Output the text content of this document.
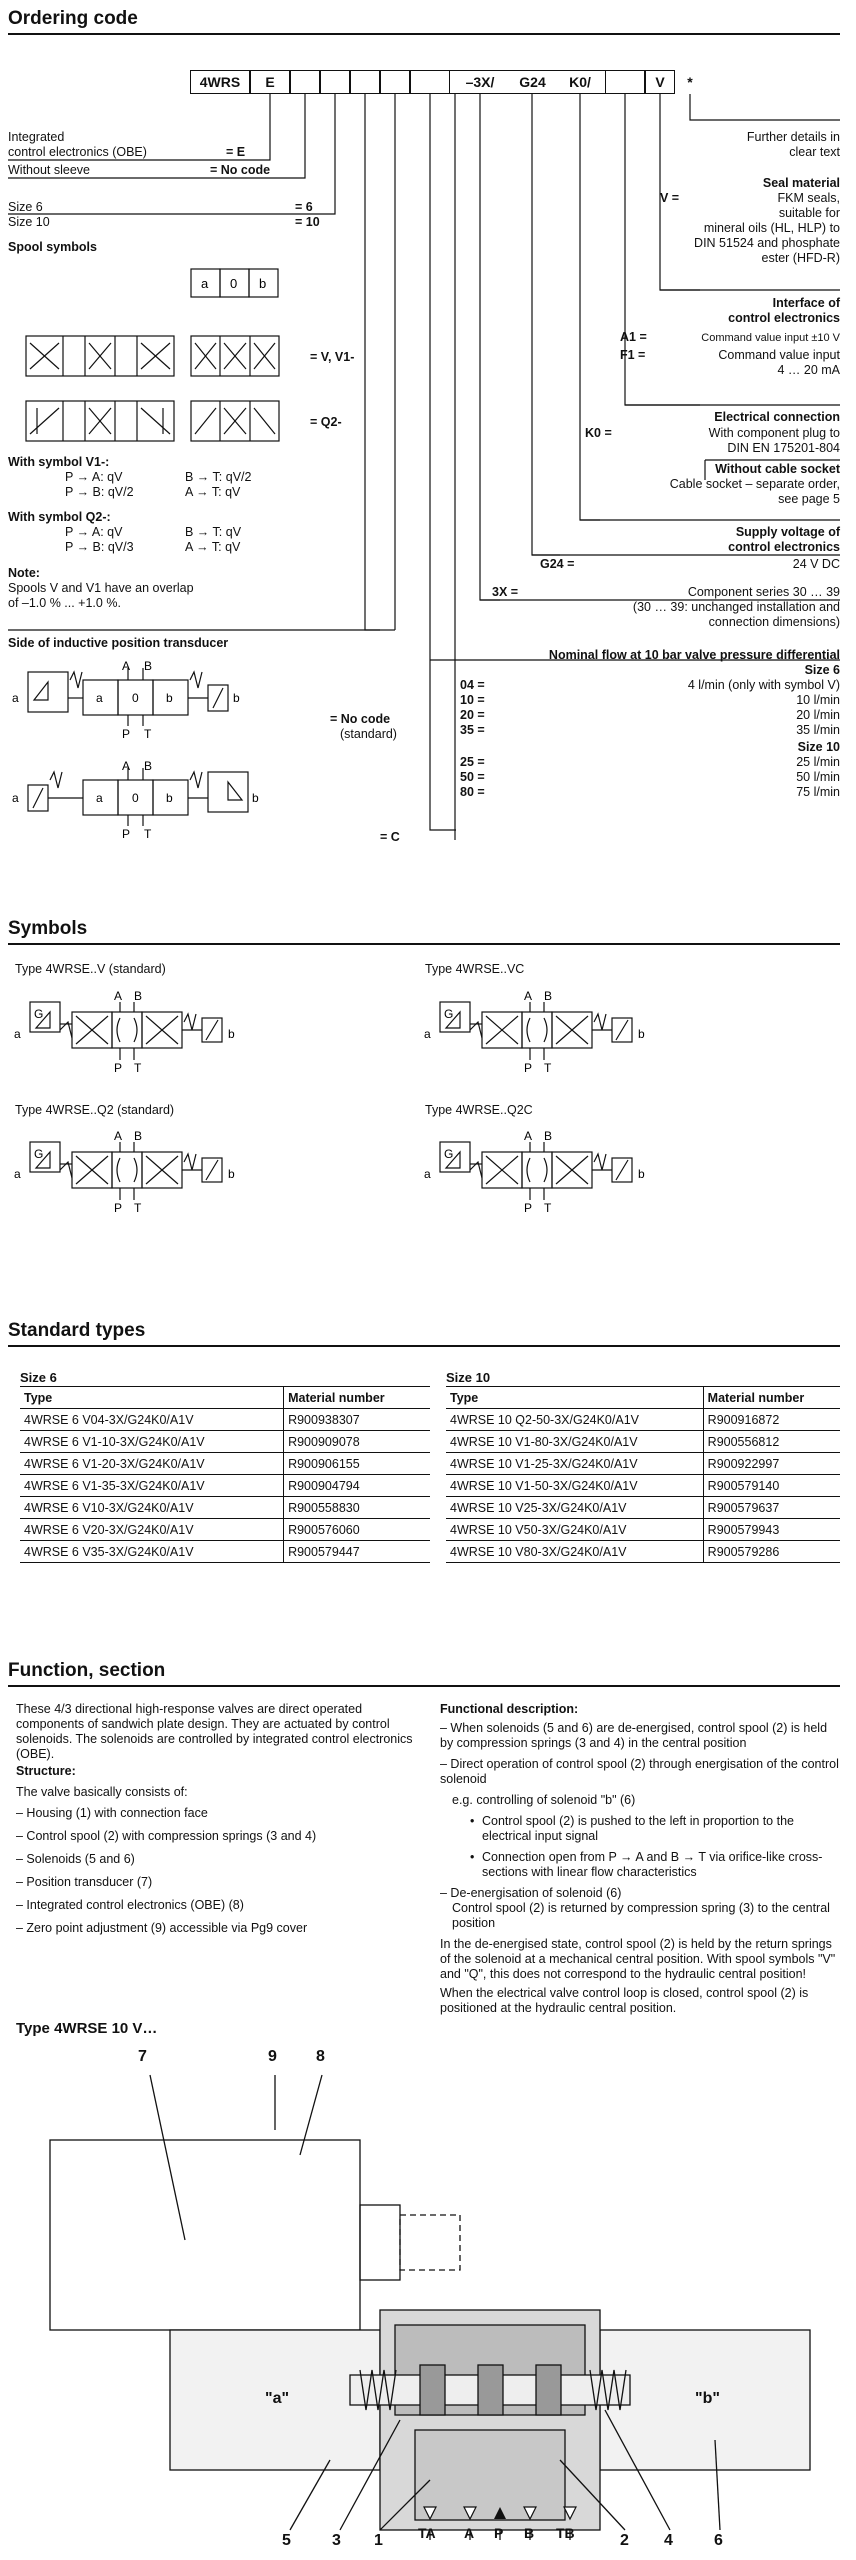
Ordering code
4WRS	E	–3X/	G24	K0/	V	*
Integrated
control electronics (OBE)	= E
Without sleeve	= No code
Size 6	= 6
Size 10	= 10
Spool symbols
a 0 b
= V, V1-
= Q2-
With symbol V1-:
P → A: qV	B → T: qV/2
P → B: qV/2	A → T: qV
With symbol Q2-:
P → A: qV	B → T: qV
P → B: qV/3	A → T: qV
Note:
Spools V and V1 have an overlap
of –1.0 % ... +1.0 %.
Side of inductive position transducer
a	a 0 b	b
A B
P T
= No code
(standard)
a	a 0 b	b
A B
P T	= C
Further details in
clear text
Seal material
V =	FKM seals,
suitable for
mineral oils (HL, HLP) to
DIN 51524 and phosphate
ester (HFD-R)
Interface of
control electronics
A1 =	Command value input ±10 V
F1 =	Command value input
4 … 20 mA
Electrical connection
K0 =	With component plug to
DIN EN 175201-804
Without cable socket
Cable socket – separate order,
see page 5
Supply voltage of
control electronics
G24 =	24 V DC
3X =	Component series 30 … 39
(30 … 39: unchanged installation and
connection dimensions)
Nominal flow at 10 bar valve pressure differential
Size 6
04 =	4 l/min (only with symbol V)
10 =	10 l/min
20 =	20 l/min
35 =	35 l/min
Size 10
25 =	25 l/min
50 =	50 l/min
80 =	75 l/min
Symbols
Type 4WRSE..V (standard)	Type 4WRSE..VC
Type 4WRSE..Q2 (standard)	Type 4WRSE..Q2C
a	b
A B
P T
G
a	b
A B
P T
G
a	b
A B
P T
G
a	b
A B
P T
G
Standard types
Size 6	Size 10
Type	Material number
4WRSE 6 V04-3X/G24K0/A1V	R900938307
4WRSE 6 V1-10-3X/G24K0/A1V	R900909078
4WRSE 6 V1-20-3X/G24K0/A1V	R900906155
4WRSE 6 V1-35-3X/G24K0/A1V	R900904794
4WRSE 6 V10-3X/G24K0/A1V	R900558830
4WRSE 6 V20-3X/G24K0/A1V	R900576060
4WRSE 6 V35-3X/G24K0/A1V	R900579447
Type	Material number
4WRSE 10 Q2-50-3X/G24K0/A1V	R900916872
4WRSE 10 V1-80-3X/G24K0/A1V	R900556812
4WRSE 10 V1-25-3X/G24K0/A1V	R900922997
4WRSE 10 V1-50-3X/G24K0/A1V	R900579140
4WRSE 10 V25-3X/G24K0/A1V	R900579637
4WRSE 10 V50-3X/G24K0/A1V	R900579943
4WRSE 10 V80-3X/G24K0/A1V	R900579286
Function, section

These 4/3 directional high-response valves are direct operated components of sandwich plate design. They are actuated by control solenoids. The solenoids are controlled by integrated control electronics (OBE).

Structure:

The valve basically consists of:

– Housing (1) with connection face
– Control spool (2) with compression springs (3 and 4)
– Solenoids (5 and 6)
– Position transducer (7)
– Integrated control electronics (OBE) (8)
– Zero point adjustment (9) accessible via Pg9 cover

Functional description:

– When solenoids (5 and 6) are de-energised, control spool (2) is held by compression springs (3 and 4) in the central position

– Direct operation of control spool (2) through energisation of the control solenoid

e.g. controlling of solenoid "b" (6)

• Control spool (2) is pushed to the left in proportion to the electrical input signal

• Connection open from P → A and B → T via orifice-like cross-sections with linear flow characteristics

– De-energisation of solenoid (6)

Control spool (2) is returned by compression spring (3) to the central position

In the de-energised state, control spool (2) is held by the return springs of the solenoid at a mechanical central position. With spool symbols "V" and "Q", this does not correspond to the hydraulic central position!

When the electrical valve control loop is closed, control spool (2) is positioned at the hydraulic central position.

Type 4WRSE 10 V…
7	9 8
5	3 1	2 4	6
"a"	"b"
TA A P B TB
